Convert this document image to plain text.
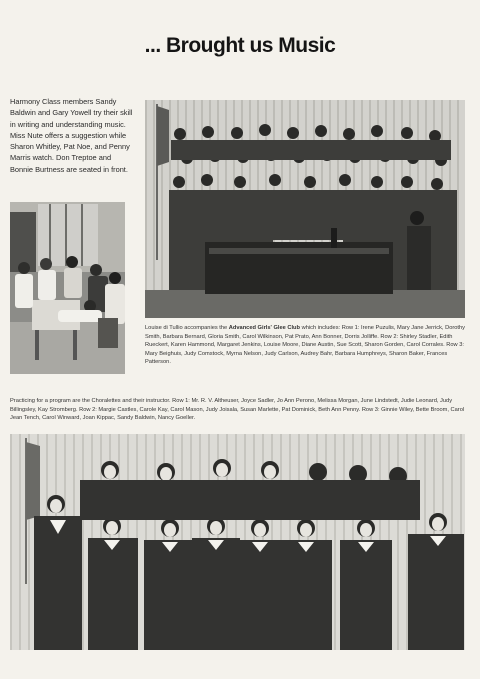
... Brought us Music
Harmony Class members Sandy Baldwin and Gary Yowell try their skill in writing and understanding music. Miss Nute offers a suggestion while Sharon Whitley, Pat Noe, and Penny Marris watch. Don Treptoe and Bonnie Burtness are seated in front.
Louise di Tullio accompanies the Advanced Girls' Glee Club which includes: Row 1: Irene Puzulis, Mary Jane Jerrick, Dorothy Smith, Barbara Bernard, Gloria Smith, Carol Wilkinson, Pat Prato, Ann Bonner, Dorris Jolliffe. Row 2: Shirley Stadler, Edith Rueckert, Karen Hammond, Margaret Jenkins, Louise Moore, Diane Austin, Sue Scott, Sharon Gorden, Carol Corrales. Row 3: Mary Beighuis, Judy Comstock, Myrna Nelson, Judy Carlson, Audrey Bahr, Barbara Humphreys, Sharon Baker, Frances Patterson.
Practicing for a program are the Choralettes and their instructor. Row 1: Mr. R. V. Altheuser, Joyce Sadler, Jo Ann Perono, Melissa Morgan, June Lindstedt, Judie Leonard, Judy Billingsley, Kay Stromberg. Row 2: Margie Castles, Carole Kay, Carol Mason, Judy Joisala, Susan Marlette, Pat Dominick, Beth Ann Penny. Row 3: Ginnie Wiley, Bette Broom, Carol Jean Tench, Carol Winward, Joan Kippac, Sandy Baldwin, Nancy Goeller.
